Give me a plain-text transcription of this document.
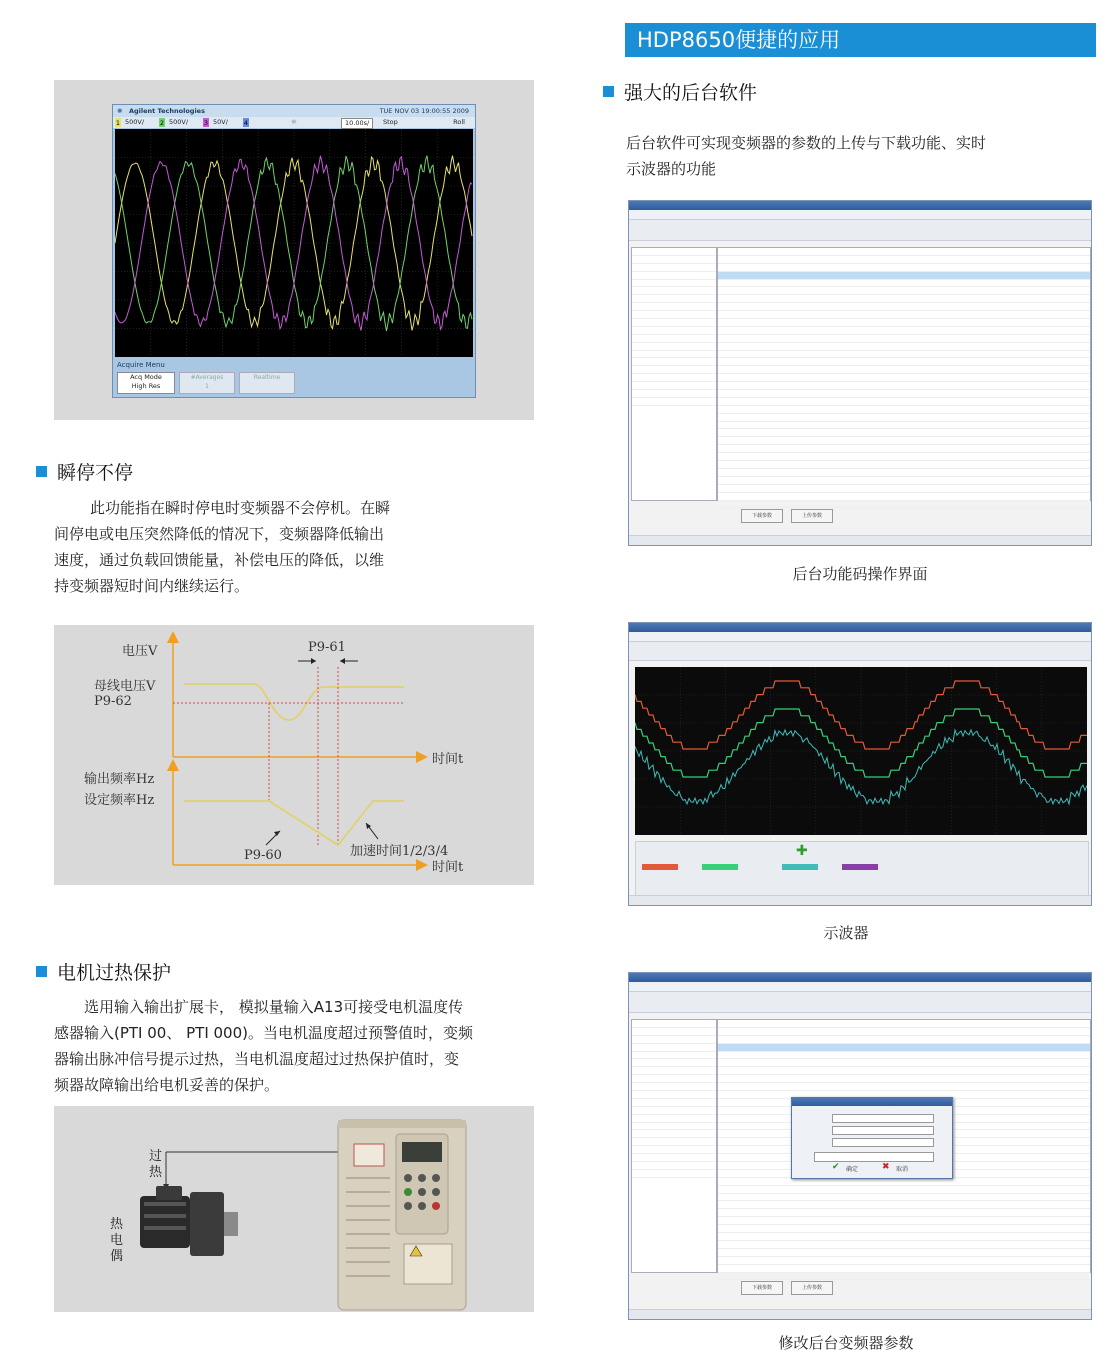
HDP8650便捷的应用
✺ Agilent Technologies	TUE NOV 03 19:00:55 2009
1 500V/ 2 500V/ 3 50V/ 4	☼	10.00s/	Stop	Roll
Acquire Menu
Acq Mode
High Res
#Averages
1
Realtime
瞬停不停
此功能指在瞬时停电时变频器不会停机。在瞬
间停电或电压突然降低的情况下，变频器降低输出
速度，通过负载回馈能量，补偿电压的降低，以维
持变频器短时间内继续运行。
电压V
母线电压V
P9-62
P9-61
时间t
输出频率Hz
设定频率Hz
P9-60	加速时间1/2/3/4
时间t
电机过热保护
选用输入输出扩展卡， 模拟量输入A13可接受电机温度传
感器输入(PTI 00、 PTI 000)。当电机温度超过预警值时，变频
器输出脉冲信号提示过热，当电机温度超过过热保护值时，变
频器故障输出给电机妥善的保护。
过
热
热
电
偶
强大的后台软件
后台软件可实现变频器的参数的上传与下载功能、实时
示波器的功能
下载参数	上传参数
后台功能码操作界面
✚
示波器
✔ 确定	✖ 取消
下载参数	上传参数
修改后台变频器参数
